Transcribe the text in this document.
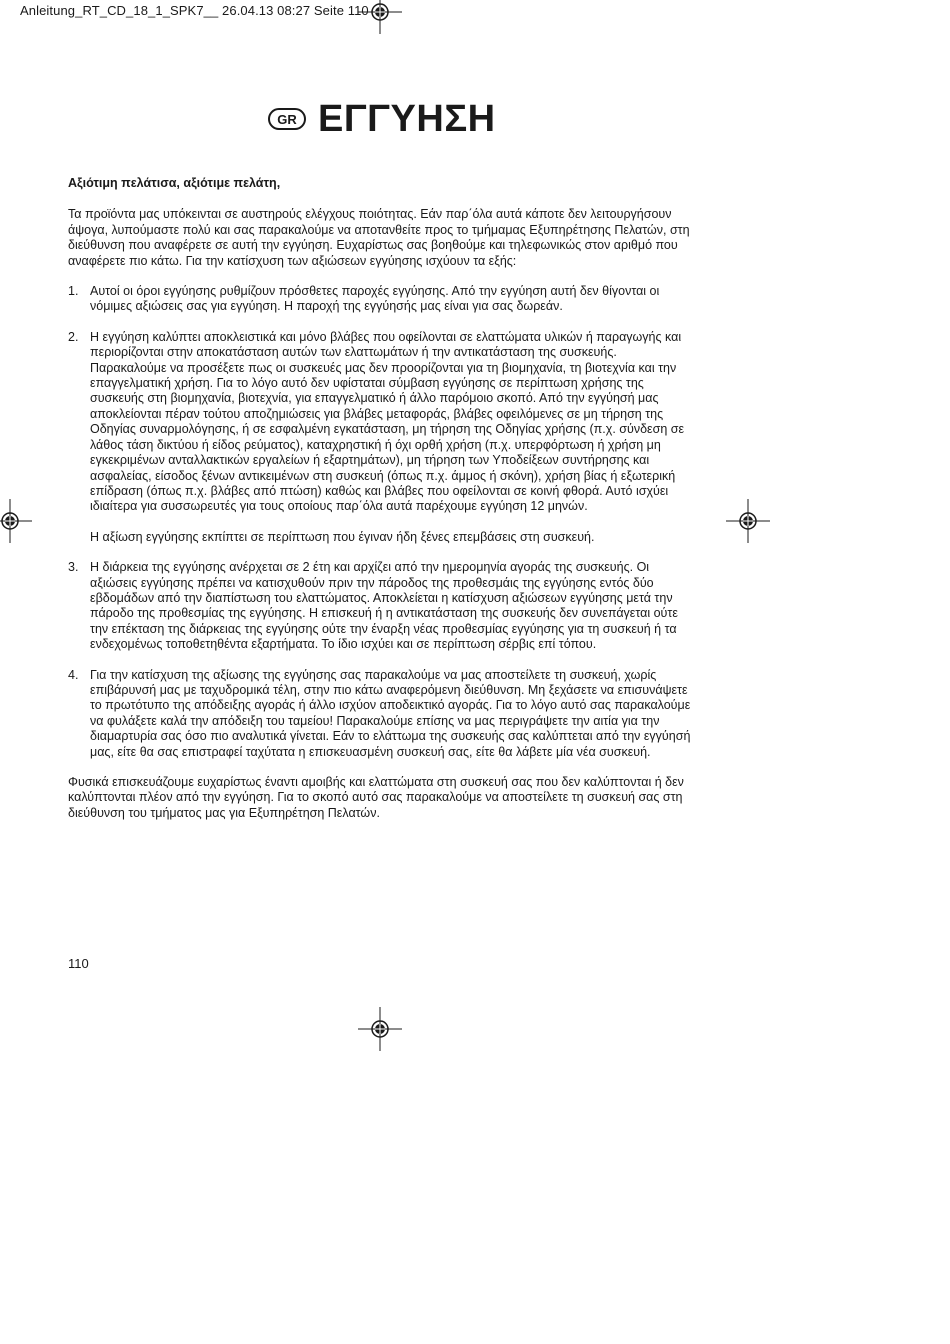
Anleitung_RT_CD_18_1_SPK7__ 26.04.13 08:27 Seite 110
GR ΕΓΓΥΗΣΗ

Αξιότιμη πελάτισα, αξιότιμε πελάτη,

Τα προϊόντα μας υπόκεινται σε αυστηρούς ελέγχους ποιότητας. Εάν παρ΄όλα αυτά κάποτε δεν λειτουργήσουν άψογα, λυπούμαστε πολύ και σας παρακαλούμε να αποτανθείτε προς το τμήμαμας Εξυπηρέτησης Πελατών, στη διεύθυνση που αναφέρετε σε αυτή την εγγύηση. Ευχαρίστως σας βοηθούμε και τηλεφωνικώς στον αριθμό που αναφέρετε πιο κάτω. Για την κατίσχυση των αξιώσεων εγγύησης ισχύουν τα εξής:

1. Αυτοί οι όροι εγγύησης ρυθμίζουν πρόσθετες παροχές εγγύησης. Από την εγγύηση αυτή δεν θίγονται οι νόμιμες αξιώσεις σας για εγγύηση. Η παροχή της εγγύησής μας είναι για σας δωρεάν.

2. Η εγγύηση καλύπτει αποκλειστικά και μόνο βλάβες που οφείλονται σε ελαττώματα υλικών ή παραγωγής και περιορίζονται στην αποκατάσταση αυτών των ελαττωμάτων ή την αντικατάσταση της συσκευής. Παρακαλούμε να προσέξετε πως οι συσκευές μας δεν προορίζονται για τη βιομηχανία, τη βιοτεχνία και την επαγγελματική χρήση. Για το λόγο αυτό δεν υφίσταται σύμβαση εγγύησης σε περίπτωση χρήσης της συσκευής στη βιομηχανία, βιοτεχνία, για επαγγελματικό ή άλλο παρόμοιο σκοπό. Από την εγγύησή μας αποκλείονται πέραν τούτου αποζημιώσεις για βλάβες μεταφοράς, βλάβες οφειλόμενες σε μη τήρηση της Οδηγίας συναρμολόγησης, ή σε εσφαλμένη εγκατάσταση, μη τήρηση της Οδηγίας χρήσης (π.χ. σύνδεση σε λάθος τάση δικτύου ή είδος ρεύματος), καταχρηστική ή όχι ορθή χρήση (π.χ. υπερφόρτωση ή χρήση μη εγκεκριμένων ανταλλακτικών εργαλείων ή εξαρτημάτων), μη τήρηση των Υποδείξεων συντήρησης και ασφαλείας, είσοδος ξένων αντικειμένων στη συσκευή (όπως π.χ. άμμος ή σκόνη), χρήση βίας ή εξωτερική επίδραση (όπως π.χ. βλάβες από πτώση) καθώς και βλάβες που οφείλονται σε κοινή φθορά. Αυτό ισχύει ιδιαίτερα για συσσωρευτές για τους οποίους παρ΄όλα αυτά παρέχουμε εγγύηση 12 μηνών.

Η αξίωση εγγύησης εκπίπτει σε περίπτωση που έγιναν ήδη ξένες επεμβάσεις στη συσκευή.

3. Η διάρκεια της εγγύησης ανέρχεται σε 2 έτη και αρχίζει από την ημερομηνία αγοράς της συσκευής. Οι αξιώσεις εγγύησης πρέπει να κατισχυθούν πριν την πάροδος της προθεσμάις της εγγύησης εντός δύο εβδομάδων από την διαπίστωση του ελαττώματος. Αποκλείεται η κατίσχυση αξιώσεων εγγύησης μετά την πάροδο της προθεσμίας της εγγύησης. Η επισκευή ή η αντικατάσταση της συσκευής δεν συνεπάγεται ούτε την επέκταση της διάρκειας της εγγύησης ούτε την έναρξη νέας προθεσμίας εγγύησης για τη συσκευή ή τα ενδεχομένως τοποθετηθέντα εξαρτήματα. Το ίδιο ισχύει και σε περίπτωση σέρβις επί τόπου.

4. Για την κατίσχυση της αξίωσης της εγγύησης σας παρακαλούμε να μας αποστείλετε τη συσκευή, χωρίς επιβάρυνσή μας με ταχυδρομικά τέλη, στην πιο κάτω αναφερόμενη διεύθυνση. Μη ξεχάσετε να επισυνάψετε το πρωτότυπο της απόδειξης αγοράς ή άλλο ισχύον αποδεικτικό αγοράς. Για το λόγο αυτό σας παρακαλούμε να φυλάξετε καλά την απόδειξη του ταμείου! Παρακαλούμε επίσης να μας περιγράψετε την αιτία για την διαμαρτυρία σας όσο πιο αναλυτικά γίνεται. Εάν το ελάττωμα της συσκευής σας καλύπτεται από την εγγύησή μας, είτε θα σας επιστραφεί ταχύτατα η επισκευασμένη συσκευή σας, είτε θα λάβετε μία νέα συσκευή.

Φυσικά επισκευάζουμε ευχαρίστως έναντι αμοιβής και ελαττώματα στη συσκευή σας που δεν καλύπτονται ή δεν καλύπτονται πλέον από την εγγύηση. Για το σκοπό αυτό σας παρακαλούμε να αποστείλετε τη συσκευή σας στη διεύθυνση του τμήματος μας για Εξυπηρέτηση Πελατών.

110
